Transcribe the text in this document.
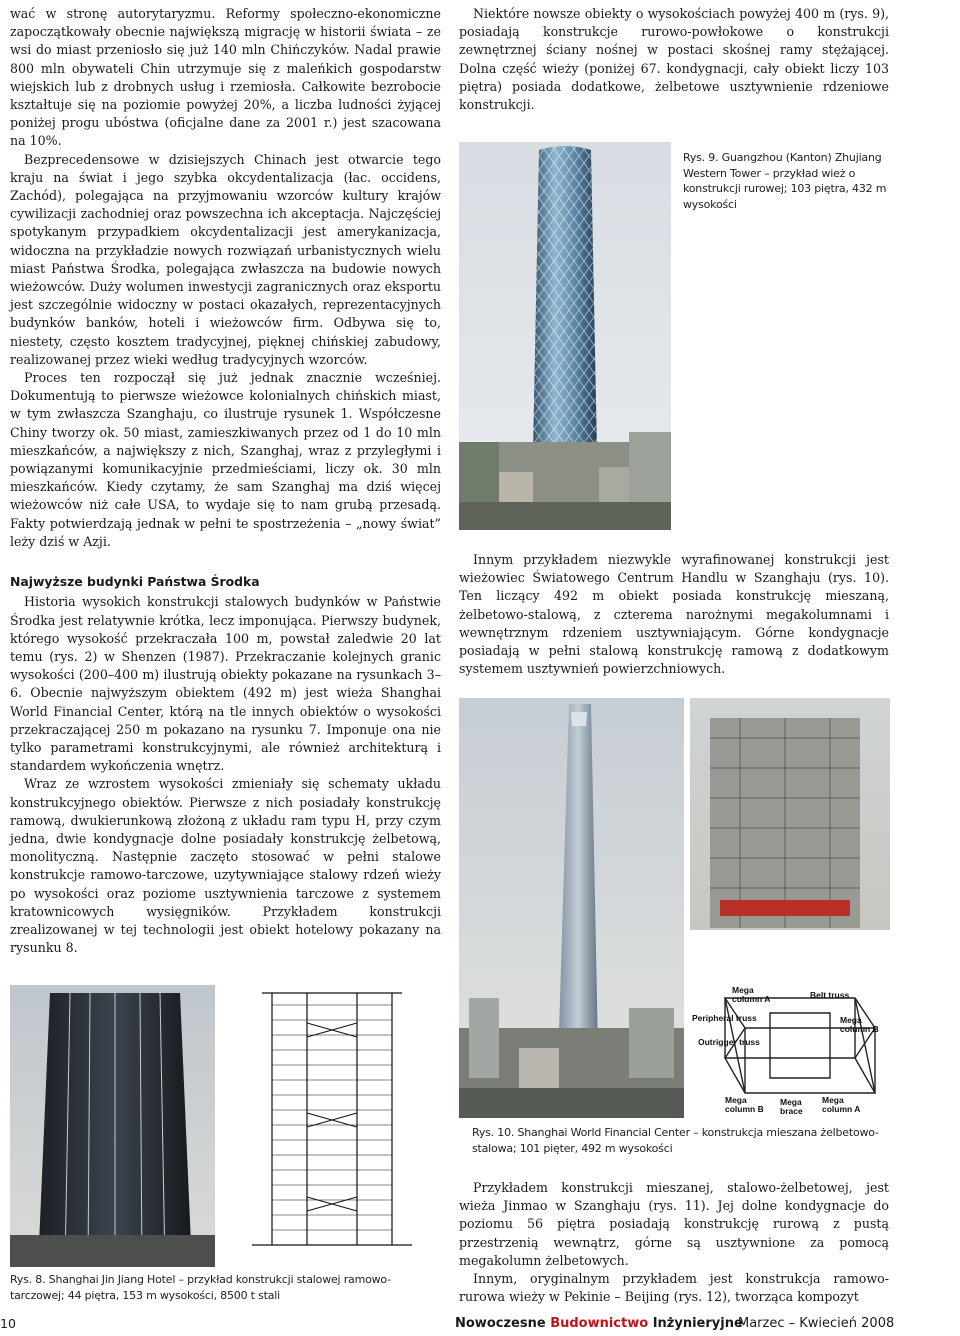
wać w stronę autorytaryzmu. Reformy społeczno-ekonomiczne zapoczątkowały obecnie największą migrację w historii świata – ze wsi do miast przeniosło się już 140 mln Chińczyków. Nadal prawie 800 mln obywateli Chin utrzymuje się z maleńkich gospodarstw wiejskich lub z drobnych usług i rzemiosła. Całkowite bezrobocie kształtuje się na poziomie powyżej 20%, a liczba ludności żyjącej poniżej progu ubóstwa (oficjalne dane za 2001 r.) jest szacowana na 10%.

Bezprecedensowe w dzisiejszych Chinach jest otwarcie tego kraju na świat i jego szybka okcydentalizacja (łac. occidens, Zachód), polegająca na przyjmowaniu wzorców kultury krajów cywilizacji zachodniej oraz powszechna ich akceptacja. Najczęściej spotykanym przypadkiem okcydentalizacji jest amerykanizacja, widoczna na przykładzie nowych rozwiązań urbanistycznych wielu miast Państwa Środka, polegająca zwłaszcza na budowie nowych wieżowców. Duży wolumen inwestycji zagranicznych oraz eksportu jest szczególnie widoczny w postaci okazałych, reprezentacyjnych budynków banków, hoteli i wieżowców firm. Odbywa się to, niestety, często kosztem tradycyjnej, pięknej chińskiej zabudowy, realizowanej przez wieki według tradycyjnych wzorców.

Proces ten rozpoczął się już jednak znacznie wcześniej. Dokumentują to pierwsze wieżowce kolonialnych chińskich miast, w tym zwłaszcza Szanghaju, co ilustruje rysunek 1. Współczesne Chiny tworzy ok. 50 miast, zamieszkiwanych przez od 1 do 10 mln mieszkańców, a największy z nich, Szanghaj, wraz z przyległymi i powiązanymi komunikacyjnie przedmieściami, liczy ok. 30 mln mieszkańców. Kiedy czytamy, że sam Szanghaj ma dziś więcej wieżowców niż całe USA, to wydaje się to nam grubą przesadą. Fakty potwierdzają jednak w pełni te spostrzeżenia – „nowy świat” leży dziś w Azji.

Najwyższe budynki Państwa Środka

Historia wysokich konstrukcji stalowych budynków w Państwie Środka jest relatywnie krótka, lecz imponująca. Pierwszy budynek, którego wysokość przekraczała 100 m, powstał zaledwie 20 lat temu (rys. 2) w Shenzen (1987). Przekraczanie kolejnych granic wysokości (200–400 m) ilustrują obiekty pokazane na rysunkach 3–6. Obecnie najwyższym obiektem (492 m) jest wieża Shanghai World Financial Center, którą na tle innych obiektów o wysokości przekraczającej 250 m pokazano na rysunku 7. Imponuje ona nie tylko parametrami konstrukcyjnymi, ale również architekturą i standardem wykończenia wnętrz.

Wraz ze wzrostem wysokości zmieniały się schematy układu konstrukcyjnego obiektów. Pierwsze z nich posiadały konstrukcję ramową, dwukierunkową złożoną z układu ram typu H, przy czym jedna, dwie kondygnacje dolne posiadały konstrukcję żelbetową, monolityczną. Następnie zaczęto stosować w pełni stalowe konstrukcje ramowo-tarczowe, uzytywniające stalowy rdzeń wieży po wysokości oraz poziome usztywnienia tarczowe z systemem kratownicowych wysięgników. Przykładem konstrukcji zrealizowanej w tej technologii jest obiekt hotelowy pokazany na rysunku 8.

Niektóre nowsze obiekty o wysokościach powyżej 400 m (rys. 9), posiadają konstrukcje rurowo-powłokowe o konstrukcji zewnętrznej ściany nośnej w postaci skośnej ramy stężającej. Dolna część wieży (poniżej 67. kondygnacji, cały obiekt liczy 103 piętra) posiada dodatkowe, żelbetowe usztywnienie rdzeniowe konstrukcji.

Rys. 9. Guangzhou (Kanton) Zhujiang Western Tower – przykład wież o konstrukcji rurowej; 103 piętra, 432 m wysokości

Innym przykładem niezwykle wyrafinowanej konstrukcji jest wieżowiec Światowego Centrum Handlu w Szanghaju (rys. 10). Ten liczący 492 m obiekt posiada konstrukcję mieszaną, żelbetowo-stalową, z czterema narożnymi megakolumnami i wewnętrznym rdzeniem usztywniającym. Górne kondygnacje posiadają w pełni stalową konstrukcję ramową z dodatkowym systemem usztywnień powierzchniowych.

Mega column A	Belt truss
Peripheral truss
Outrigger truss
Mega column B
Mega column B
Mega brace
Mega column A
Rys. 10. Shanghai World Financial Center – konstrukcja mieszana żelbetowo-stalowa; 101 pięter, 492 m wysokości

Przykładem konstrukcji mieszanej, stalowo-żelbetowej, jest wieża Jinmao w Szanghaju (rys. 11). Jej dolne kondygnacje do poziomu 56 piętra posiadają konstrukcję rurową z pustą przestrzenią wewnątrz, górne są usztywnione za pomocą megakolumn żelbetowych.

Innym, oryginalnym przykładem jest konstrukcja ramowo-rurowa wieży w Pekinie – Beijing (rys. 12), tworząca kompozyt

Rys. 8. Shanghai Jin Jiang Hotel – przykład konstrukcji stalowej ramowo-tarczowej; 44 piętra, 153 m wysokości, 8500 t stali
10	Nowoczesne Budownictwo Inżynieryjne
Marzec – Kwiecień 2008
